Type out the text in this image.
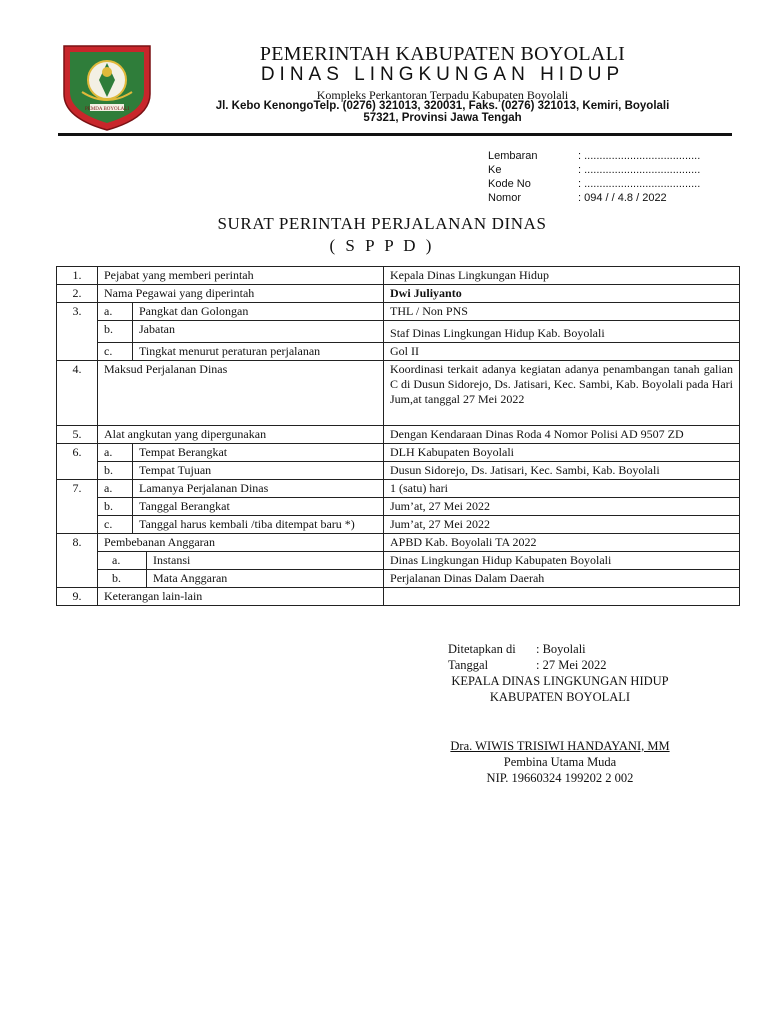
PEMDA BOYOLALI
PEMERINTAH KABUPATEN BOYOLALI
DINAS LINGKUNGAN HIDUP
Kompleks Perkantoran Terpadu Kabupaten Boyolali
Jl. Kebo KenongoTelp. (0276) 321013, 320031, Faks. (0276) 321013, Kemiri, Boyolali
57321, Provinsi Jawa Tengah
Lembaran	: ......................................
Ke	: ......................................
Kode No	: ......................................
Nomor	: 094 / / 4.8 / 2022
SURAT PERINTAH PERJALANAN DINAS
( S P P D )
1.	Pejabat yang memberi perintah			Kepala Dinas Lingkungan Hidup
2.	Nama Pegawai yang diperintah			Dwi Juliyanto
3.	a.	Pangkat dan Golongan		THL / Non PNS
	b.	Jabatan		Staf Dinas Lingkungan Hidup Kab. Boyolali
	c.	Tingkat menurut peraturan perjalanan		Gol II
4.	Maksud Perjalanan Dinas			Koordinasi terkait adanya kegiatan adanya penambangan tanah galian C di Dusun Sidorejo, Ds. Jatisari, Kec. Sambi, Kab. Boyolali pada Hari Jum,at tanggal 27 Mei 2022
5.	Alat angkutan yang dipergunakan			Dengan Kendaraan Dinas Roda 4 Nomor Polisi AD 9507 ZD
6.	a.	Tempat Berangkat		DLH Kabupaten Boyolali
	b.	Tempat Tujuan		Dusun Sidorejo, Ds. Jatisari, Kec. Sambi, Kab. Boyolali
7.	a.	Lamanya Perjalanan Dinas		1 (satu) hari
	b.	Tanggal Berangkat		Jum’at, 27 Mei 2022
	c.	Tanggal harus kembali /tiba ditempat baru *)		Jum’at, 27 Mei 2022
8.	Pembebanan Anggaran			APBD Kab. Boyolali TA 2022
	a.		Instansi	Dinas Lingkungan Hidup Kabupaten Boyolali
	b.		Mata Anggaran	Perjalanan Dinas Dalam Daerah
9.	Keterangan lain-lain			
Ditetapkan di : Boyolali
Tanggal	: 27 Mei 2022
KEPALA DINAS LINGKUNGAN HIDUP
KABUPATEN BOYOLALI
Dra. WIWIS TRISIWI HANDAYANI, MM
Pembina Utama Muda
NIP. 19660324 199202 2 002
